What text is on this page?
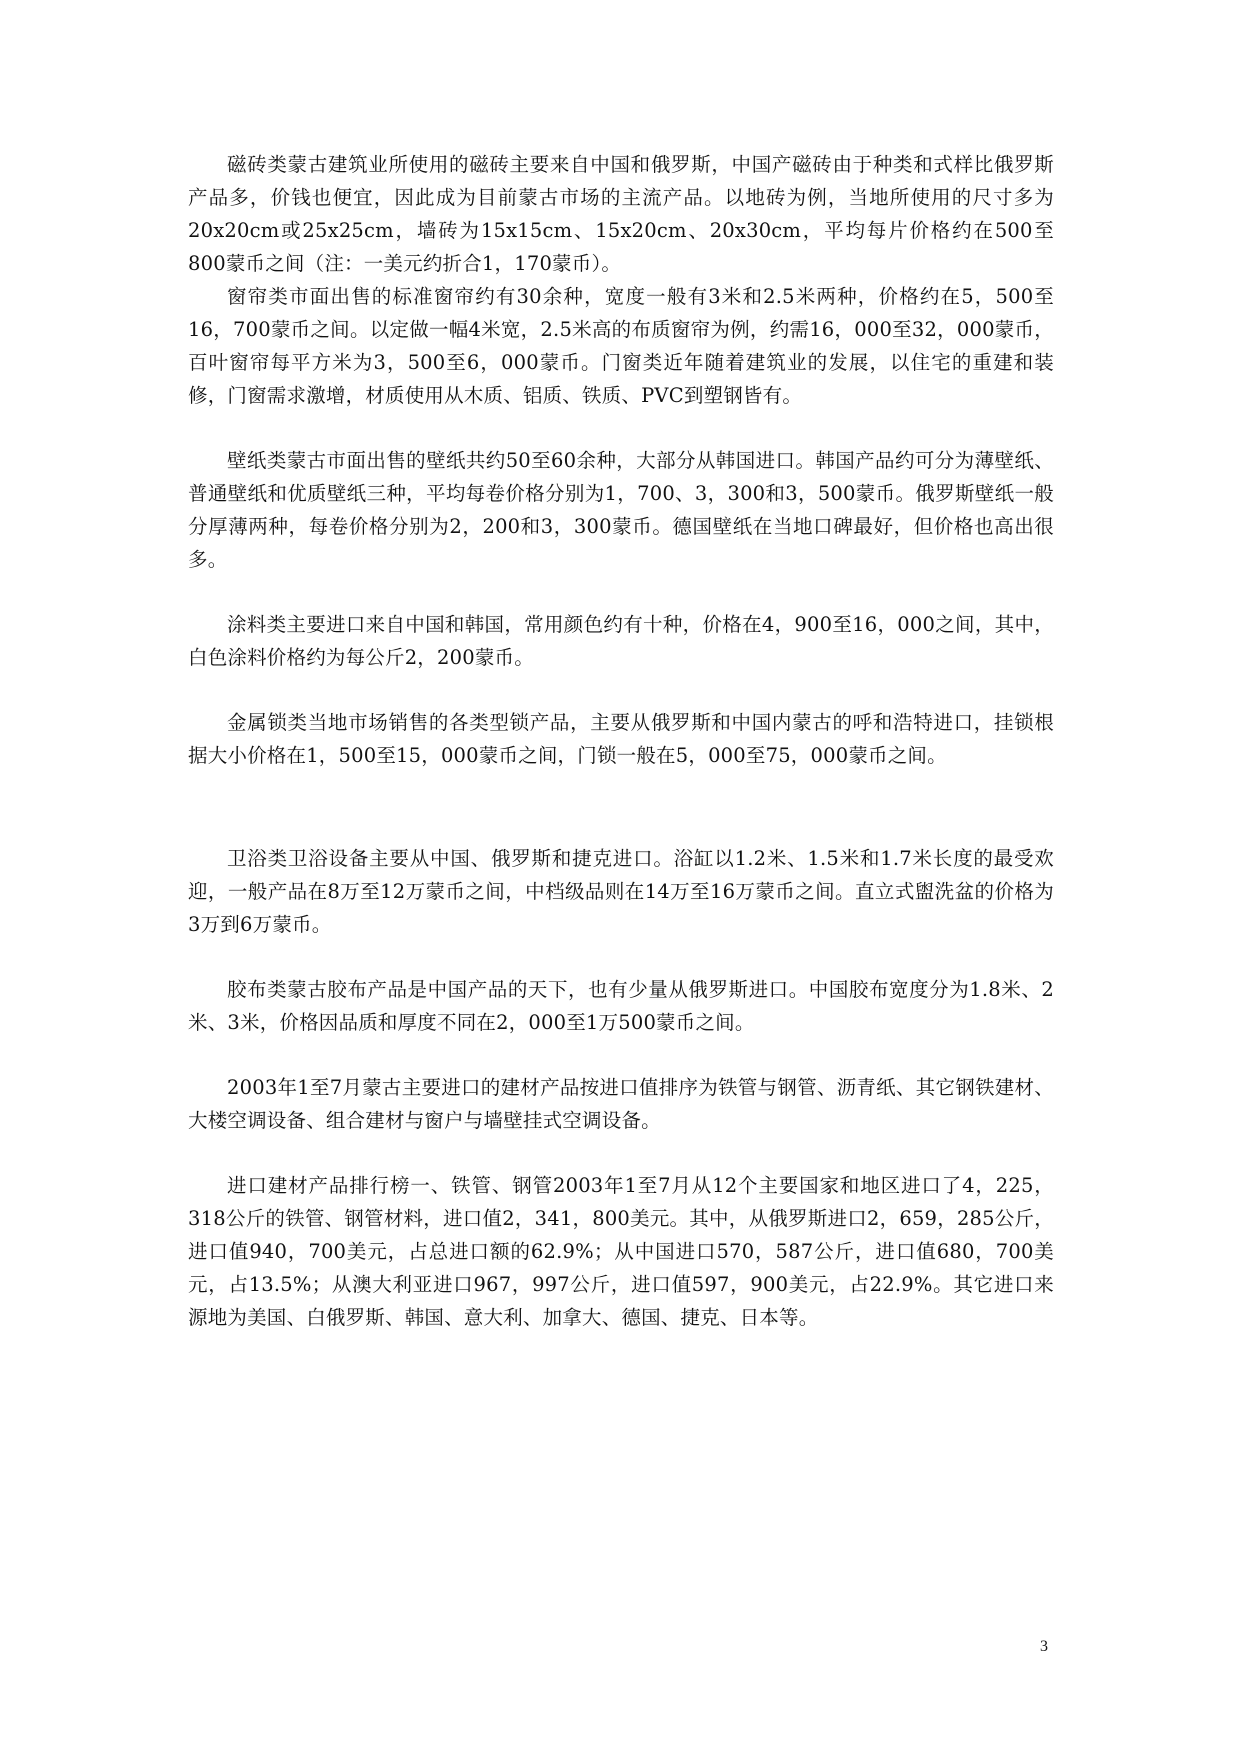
磁砖类蒙古建筑业所使用的磁砖主要来自中国和俄罗斯，中国产磁砖由于种类和式样比俄罗斯产品多，价钱也便宜，因此成为目前蒙古市场的主流产品。以地砖为例，当地所使用的尺寸多为20x20cm或25x25cm，墙砖为15x15cm、15x20cm、20x30cm，平均每片价格约在500至800蒙币之间（注：一美元约折合1，170蒙币）。

窗帘类市面出售的标准窗帘约有30余种，宽度一般有3米和2.5米两种，价格约在5，500至16，700蒙币之间。以定做一幅4米宽，2.5米高的布质窗帘为例，约需16，000至32，000蒙币，百叶窗帘每平方米为3，500至6，000蒙币。门窗类近年随着建筑业的发展，以住宅的重建和装修，门窗需求激增，材质使用从木质、铝质、铁质、PVC到塑钢皆有。

壁纸类蒙古市面出售的壁纸共约50至60余种，大部分从韩国进口。韩国产品约可分为薄壁纸、普通壁纸和优质壁纸三种，平均每卷价格分别为1，700、3，300和3，500蒙币。俄罗斯壁纸一般分厚薄两种，每卷价格分别为2，200和3，300蒙币。德国壁纸在当地口碑最好，但价格也高出很多。

涂料类主要进口来自中国和韩国，常用颜色约有十种，价格在4，900至16，000之间，其中，白色涂料价格约为每公斤2，200蒙币。

金属锁类当地市场销售的各类型锁产品，主要从俄罗斯和中国内蒙古的呼和浩特进口，挂锁根据大小价格在1，500至15，000蒙币之间，门锁一般在5，000至75，000蒙币之间。

卫浴类卫浴设备主要从中国、俄罗斯和捷克进口。浴缸以1.2米、1.5米和1.7米长度的最受欢迎，一般产品在8万至12万蒙币之间，中档级品则在14万至16万蒙币之间。直立式盥洗盆的价格为3万到6万蒙币。

胶布类蒙古胶布产品是中国产品的天下，也有少量从俄罗斯进口。中国胶布宽度分为1.8米、2米、3米，价格因品质和厚度不同在2，000至1万500蒙币之间。

2003年1至7月蒙古主要进口的建材产品按进口值排序为铁管与钢管、沥青纸、其它钢铁建材、大楼空调设备、组合建材与窗户与墙壁挂式空调设备。

进口建材产品排行榜一、铁管、钢管2003年1至7月从12个主要国家和地区进口了4，225，318公斤的铁管、钢管材料，进口值2，341，800美元。其中，从俄罗斯进口2，659，285公斤，进口值940，700美元，占总进口额的62.9%；从中国进口570，587公斤，进口值680，700美元，占13.5%；从澳大利亚进口967，997公斤，进口值597，900美元，占22.9%。其它进口来源地为美国、白俄罗斯、韩国、意大利、加拿大、德国、捷克、日本等。

3
